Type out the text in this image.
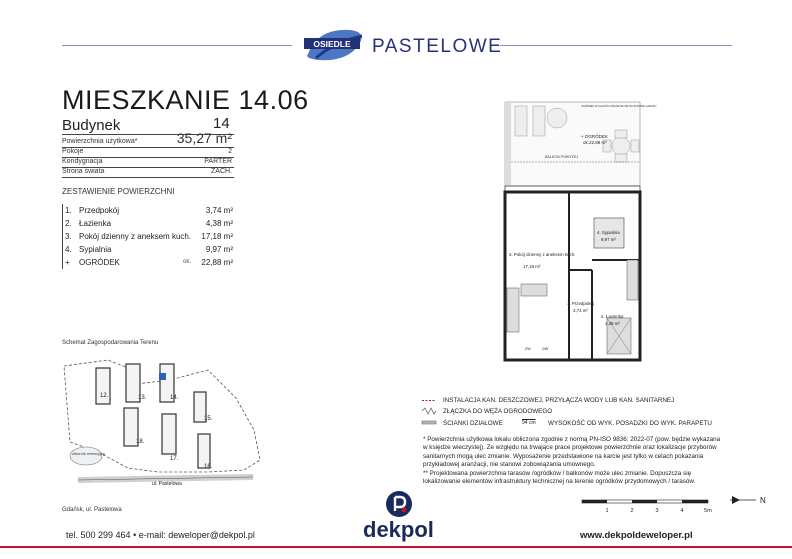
OSIEDLE PASTELOWE
MIESZKANIE 14.06
Budynek	14
Powierzchnia użytkowa*	35,27 m²
Pokoje	2
Kondygnacja	PARTER
Strona świata	ZACH.
ZESTAWIENIE POWIERZCHNI
1. Przedpokój	3,74 m²
2. Łazienka	4,38 m²
3. Pokój dzienny z aneksem kuch. 17,18 m²
4. Sypialnia	9,97 m²
+ OGRÓDEK	ok. 22,88 m²
Schemat Zagospodarowania Terenu
12.	13.	14.
15.
16.
17.
18.
zbiornik retencyjny
ul. Pastelowa
Gdańsk, ul. Pastelowa
OGRÓDEK W CAŁOŚCI ZNAJDUJE SIĘ NA STRONIE GARAŻU
+ OGRÓDEK
ok.22,88 m²
BALKON POWYŻEJ
3. Pokój dzienny z aneksem kuch.
17,18 m²
4. Sypialnia
9,97 m²
1. Przedpokój
3,74 m²
2. Łazienka
4,38 m²
ZW	GW
INSTALACJA KAN. DESZCZOWEJ, PRZYŁĄCZA WODY LUB KAN. SANITARNEJ
ZŁĄCZKA DO WĘŻA OGRODOWEGO
ŚCIANKI DZIAŁOWE	94 cm WYSOKOŚĆ OD WYK. POSADZKI DO WYK. PARAPETU
* Powierzchnia użytkowa lokalu obliczona zgodnie z normą PN-ISO 9836: 2022-07 (pow. będzie wykazana w księdze wieczystej). Ze względu na trwające prace projektowe powierzchnie oraz lokalizacje przyborów sanitarnych mogą ulec zmianie. Wyposażenie przedstawione na karcie jest tylko w celach pokazania przykładowej aranżacji, nie stanowi zobowiązania umownego.
** Projektowana powierzchnia tarasów /ogródków / balkonów może ulec zmianie. Dopuszcza się lokalizowanie elementów infrastruktury technicznej na terenie ogródków przydomowych / tarasów.
1	2	3	4	5m
N
dekpol
tel. 500 299 464 • e-mail: deweloper@dekpol.pl	www.dekpoldeweloper.pl
